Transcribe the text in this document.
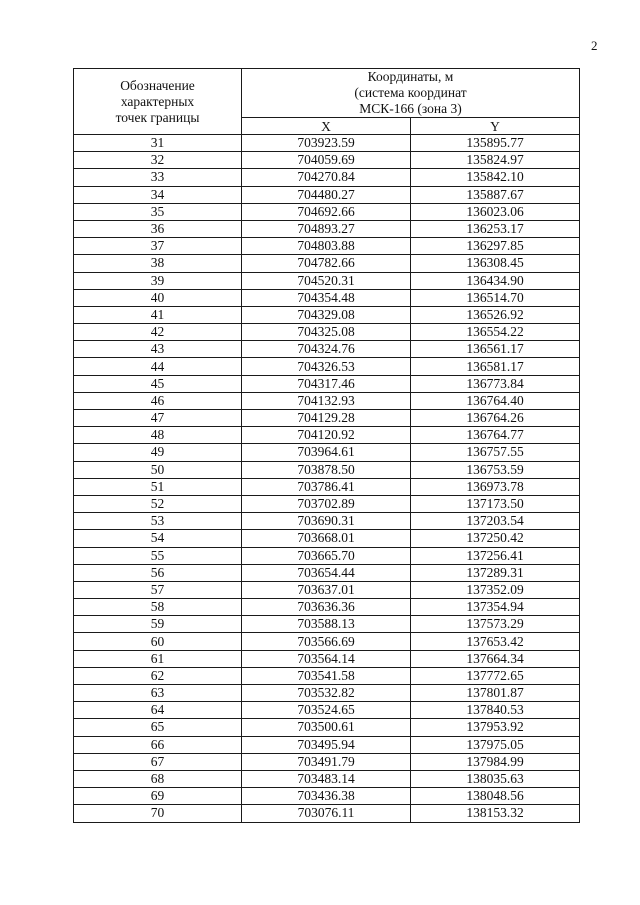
2
Обозначение
характерных
точек границы	Координаты, м
(система координат
МСК-166 (зона 3)	

	X	Y
31	703923.59	135895.77
32	704059.69	135824.97
33	704270.84	135842.10
34	704480.27	135887.67
35	704692.66	136023.06
36	704893.27	136253.17
37	704803.88	136297.85
38	704782.66	136308.45
39	704520.31	136434.90
40	704354.48	136514.70
41	704329.08	136526.92
42	704325.08	136554.22
43	704324.76	136561.17
44	704326.53	136581.17
45	704317.46	136773.84
46	704132.93	136764.40
47	704129.28	136764.26
48	704120.92	136764.77
49	703964.61	136757.55
50	703878.50	136753.59
51	703786.41	136973.78
52	703702.89	137173.50
53	703690.31	137203.54
54	703668.01	137250.42
55	703665.70	137256.41
56	703654.44	137289.31
57	703637.01	137352.09
58	703636.36	137354.94
59	703588.13	137573.29
60	703566.69	137653.42
61	703564.14	137664.34
62	703541.58	137772.65
63	703532.82	137801.87
64	703524.65	137840.53
65	703500.61	137953.92
66	703495.94	137975.05
67	703491.79	137984.99
68	703483.14	138035.63
69	703436.38	138048.56
70	703076.11	138153.32
